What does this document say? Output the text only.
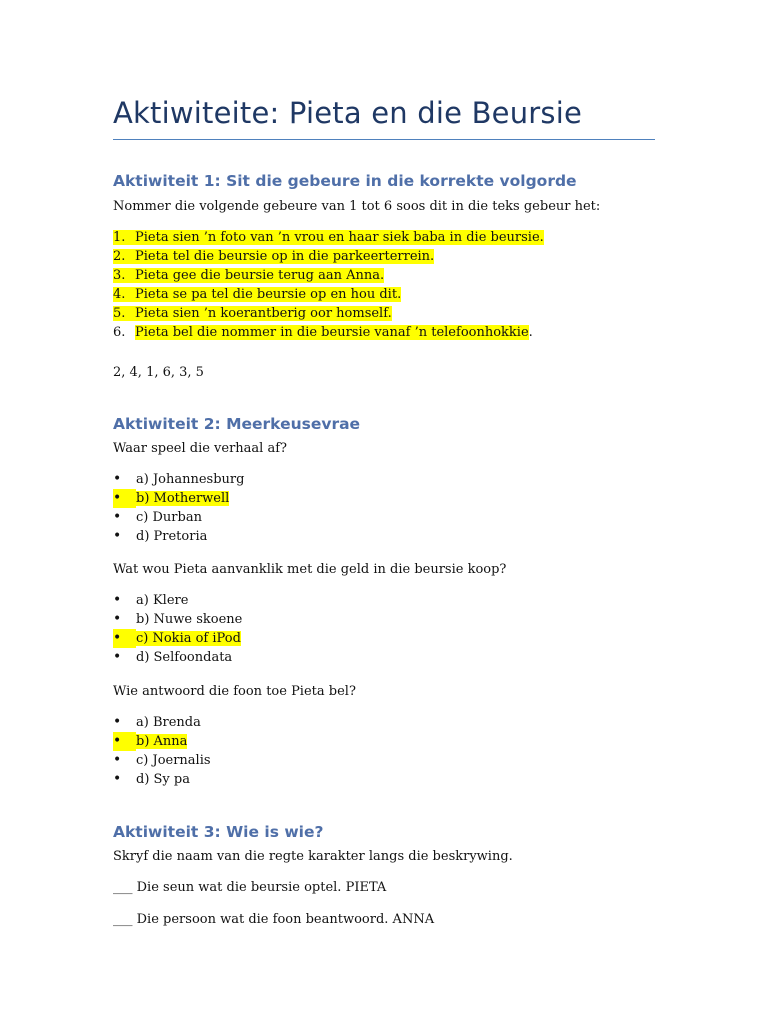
Aktiwiteite: Pieta en die Beursie
Aktiwiteit 1: Sit die gebeure in die korrekte volgorde
Nommer die volgende gebeure van 1 tot 6 soos dit in die teks gebeur het:
1. Pieta sien ’n foto van ’n vrou en haar siek baba in die beursie.
2. Pieta tel die beursie op in die parkeerterrein.
3. Pieta gee die beursie terug aan Anna.
4. Pieta se pa tel die beursie op en hou dit.
5. Pieta sien ’n koerantberig oor homself.
6. Pieta bel die nommer in die beursie vanaf ’n telefoonhokkie.
2, 4, 1, 6, 3, 5
Aktiwiteit 2: Meerkeusevrae
Waar speel die verhaal af?
• a) Johannesburg
•	b) Motherwell
• c) Durban
• d) Pretoria
Wat wou Pieta aanvanklik met die geld in die beursie koop?
• a) Klere
• b) Nuwe skoene
•	c) Nokia of iPod
• d) Selfoondata
Wie antwoord die foon toe Pieta bel?
• a) Brenda
•	b) Anna
• c) Joernalis
• d) Sy pa
Aktiwiteit 3: Wie is wie?
Skryf die naam van die regte karakter langs die beskrywing.
___ Die seun wat die beursie optel. PIETA
___ Die persoon wat die foon beantwoord. ANNA
